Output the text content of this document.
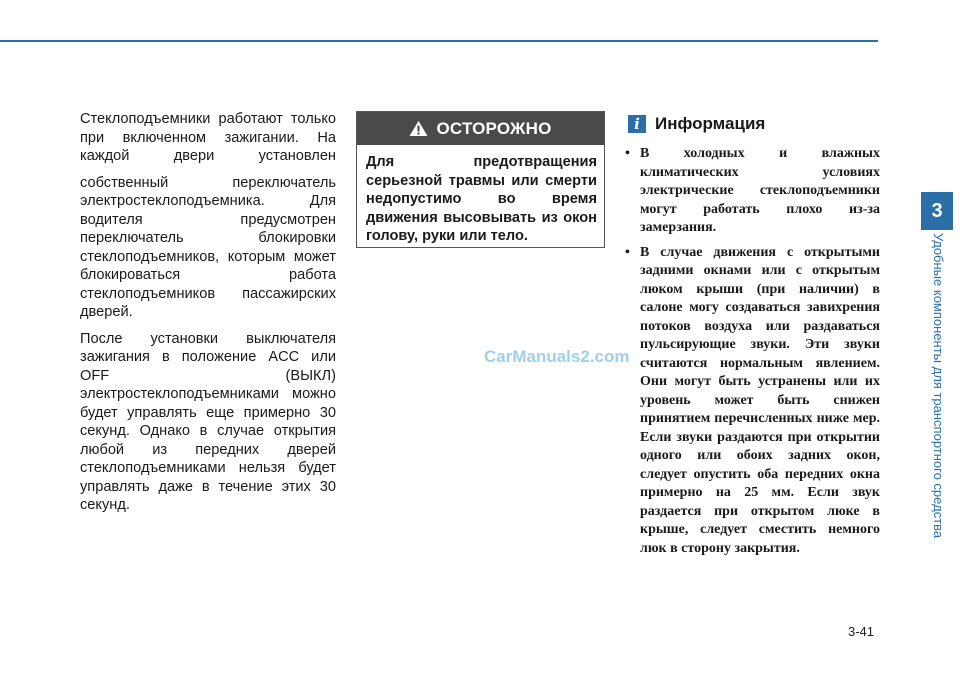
Стеклоподъемники работают только при включенном зажигании. На каждой двери установлен

собственный переключатель электростеклоподъемника. Для водителя предусмотрен переключатель блокировки стеклоподъемников, которым может блокироваться работа стеклоподъемников пассажирских дверей.

После установки выключателя зажигания в положение ACC или OFF (ВЫКЛ) электростеклоподъемниками можно будет управлять еще примерно 30 секунд. Однако в случае открытия любой из передних дверей стеклоподъемниками нельзя будет управлять даже в течение этих 30 секунд.

ОСТОРОЖНО
Для предотвращения серьезной травмы или смерти недопустимо во время движения высовывать из окон голову, руки или тело.
i Информация
• В холодных и влажных климатических условиях электрические стеклоподъемники могут работать плохо из-за замерзания.
• В случае движения с открытыми задними окнами или с открытым люком крыши (при наличии) в салоне могу создаваться завихрения потоков воздуха или раздаваться пульсирующие звуки. Эти звуки считаются нормальным явлением. Они могут быть устранены или их уровень может быть снижен принятием перечисленных ниже мер. Если звуки раздаются при открытии одного или обоих задних окон, следует опустить оба передних окна примерно на 25 мм. Если звук раздается при открытом люке в крыше, следует сместить немного люк в сторону закрытия.
CarManuals2.com
3-41
3
Удобные компоненты для транспортного средства
